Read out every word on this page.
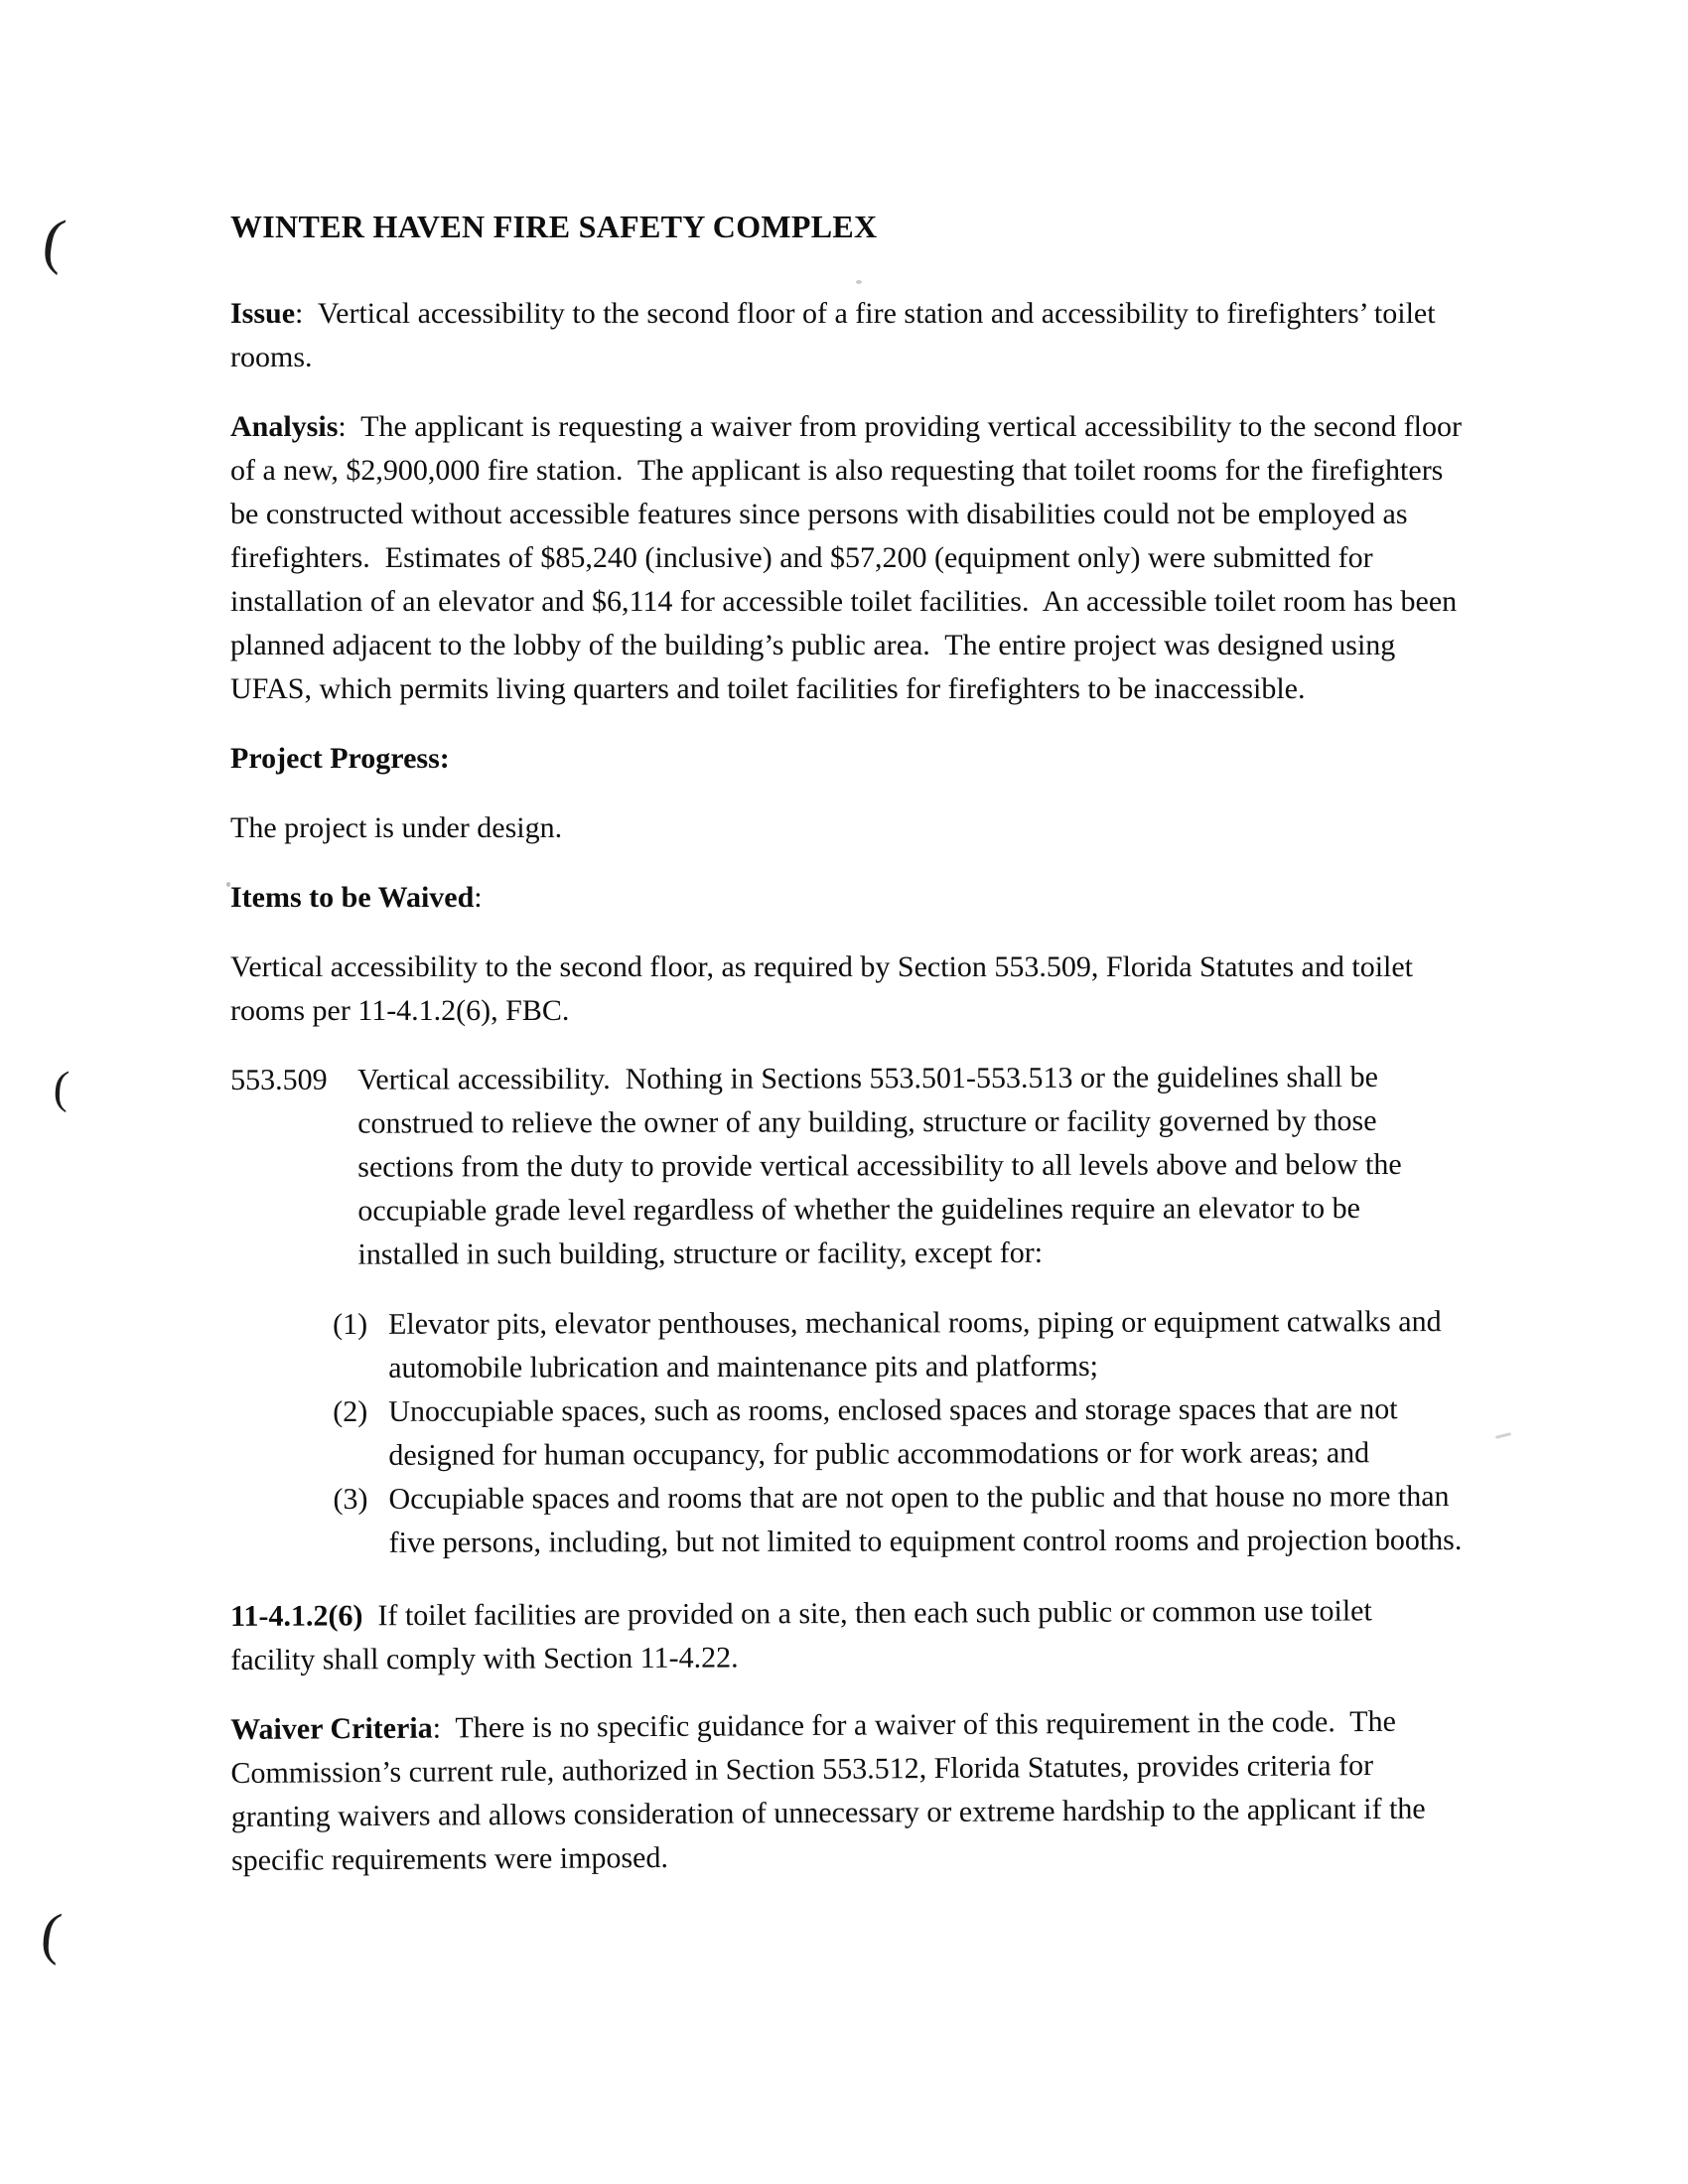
(
(
(
WINTER HAVEN FIRE SAFETY COMPLEX

Issue:  Vertical accessibility to the second floor of a fire station and accessibility to firefighters’ toilet rooms.

Analysis:  The applicant is requesting a waiver from providing vertical accessibility to the second floor of a new, $2,900,000 fire station.  The applicant is also requesting that toilet rooms for the firefighters be constructed without accessible features since persons with disabilities could not be employed as firefighters.  Estimates of $85,240 (inclusive) and $57,200 (equipment only) were submitted for installation of an elevator and $6,114 for accessible toilet facilities.  An accessible toilet room has been planned adjacent to the lobby of the building’s public area.  The entire project was designed using UFAS, which permits living quarters and toilet facilities for firefighters to be inaccessible.

Project Progress:

The project is under design.

Items to be Waived:

Vertical accessibility to the second floor, as required by Section 553.509, Florida Statutes and toilet rooms per 11-4.1.2(6), FBC.

553.509 Vertical accessibility.  Nothing in Sections 553.501-553.513 or the guidelines shall be construed to relieve the owner of any building, structure or facility governed by those sections from the duty to provide vertical accessibility to all levels above and below the occupiable grade level regardless of whether the guidelines require an elevator to be installed in such building, structure or facility, except for:

(1) Elevator pits, elevator penthouses, mechanical rooms, piping or equipment catwalks and automobile lubrication and maintenance pits and platforms;
(2) Unoccupiable spaces, such as rooms, enclosed spaces and storage spaces that are not designed for human occupancy, for public accommodations or for work areas; and
(3) Occupiable spaces and rooms that are not open to the public and that house no more than five persons, including, but not limited to equipment control rooms and projection booths.

11-4.1.2(6)  If toilet facilities are provided on a site, then each such public or common use toilet facility shall comply with Section 11-4.22.

Waiver Criteria:  There is no specific guidance for a waiver of this requirement in the code.  The Commission’s current rule, authorized in Section 553.512, Florida Statutes, provides criteria for granting waivers and allows consideration of unnecessary or extreme hardship to the applicant if the specific requirements were imposed.
